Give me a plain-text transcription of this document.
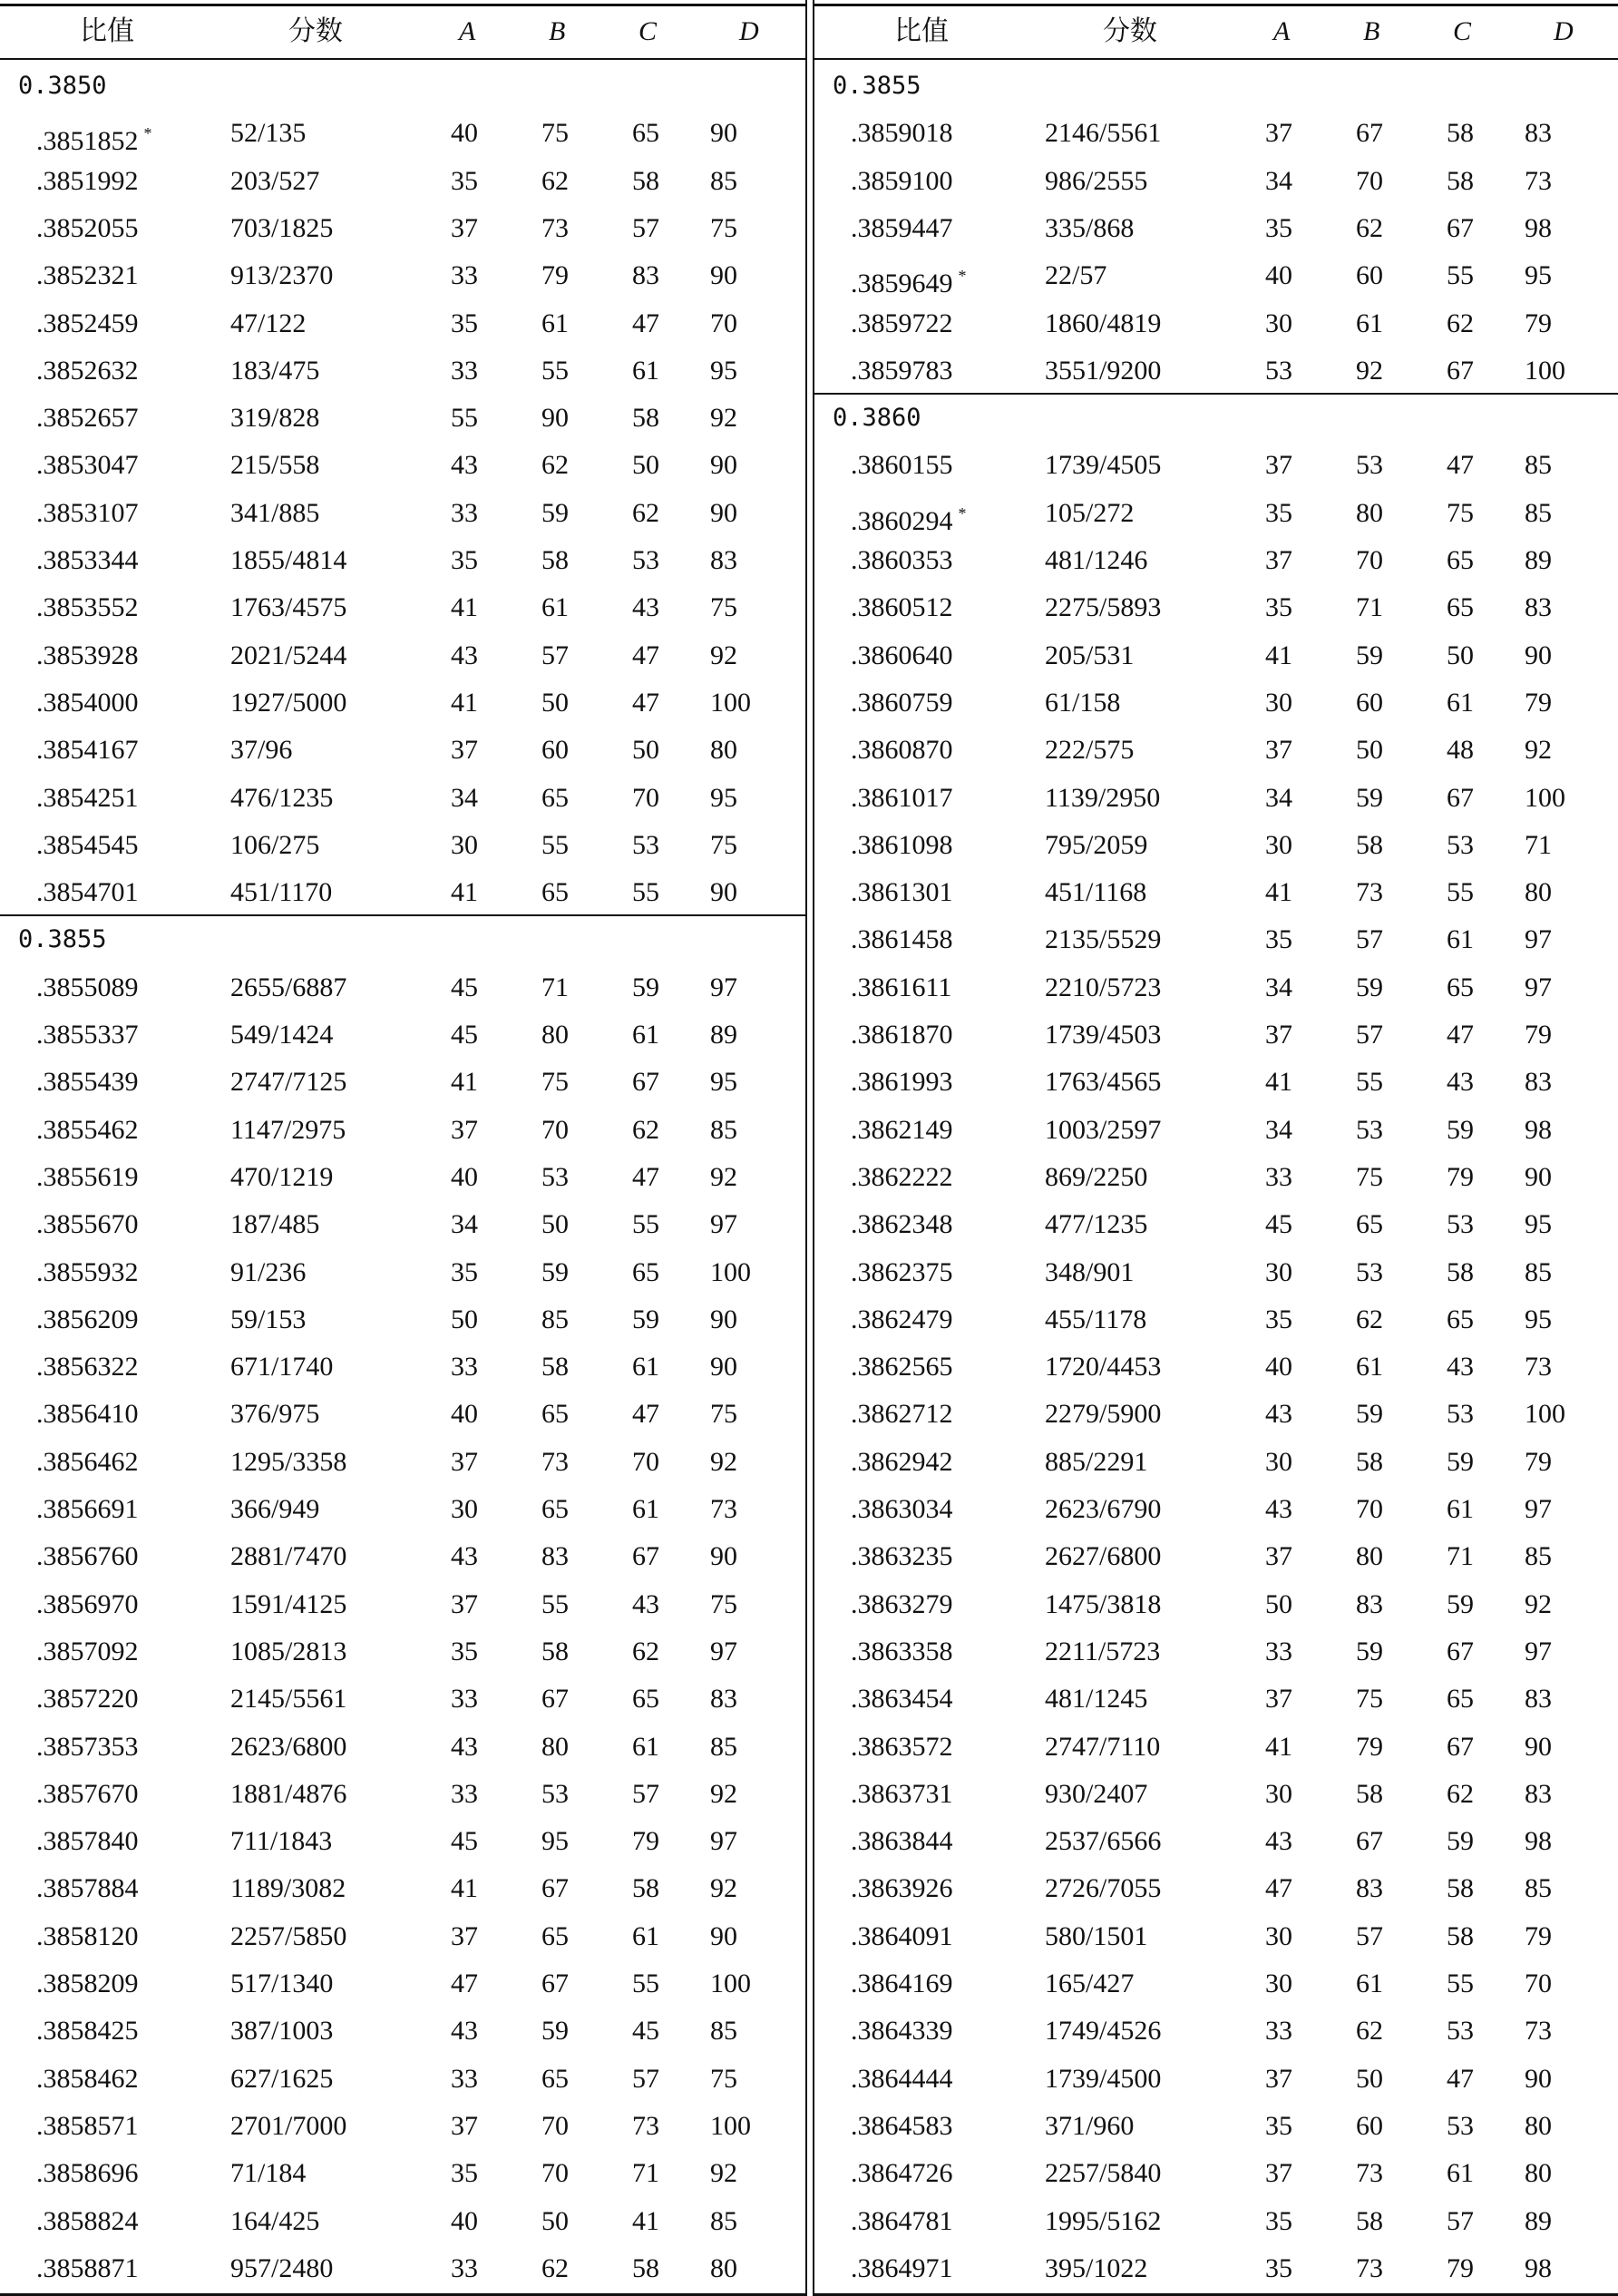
比值	分数	A	B	C	D
0.3850
.3851852 *	52/135	40 75 65 90
.3851992	203/527	35 62 58 85
.3852055	703/1825	37 73 57 75
.3852321	913/2370	33 79 83 90
.3852459	47/122	35 61 47 70
.3852632	183/475	33 55 61 95
.3852657	319/828	55 90 58 92
.3853047	215/558	43 62 50 90
.3853107	341/885	33 59 62 90
.3853344	1855/4814	35 58 53 83
.3853552	1763/4575	41 61 43 75
.3853928	2021/5244	43 57 47 92
.3854000	1927/5000	41 50 47 100
.3854167	37/96	37 60 50 80
.3854251	476/1235	34 65 70 95
.3854545	106/275	30 55 53 75
.3854701	451/1170	41 65 55 90
0.3855
.3855089	2655/6887	45 71 59 97
.3855337	549/1424	45 80 61 89
.3855439	2747/7125	41 75 67 95
.3855462	1147/2975	37 70 62 85
.3855619	470/1219	40 53 47 92
.3855670	187/485	34 50 55 97
.3855932	91/236	35 59 65 100
.3856209	59/153	50 85 59 90
.3856322	671/1740	33 58 61 90
.3856410	376/975	40 65 47 75
.3856462	1295/3358	37 73 70 92
.3856691	366/949	30 65 61 73
.3856760	2881/7470	43 83 67 90
.3856970	1591/4125	37 55 43 75
.3857092	1085/2813	35 58 62 97
.3857220	2145/5561	33 67 65 83
.3857353	2623/6800	43 80 61 85
.3857670	1881/4876	33 53 57 92
.3857840	711/1843	45 95 79 97
.3857884	1189/3082	41 67 58 92
.3858120	2257/5850	37 65 61 90
.3858209	517/1340	47 67 55 100
.3858425	387/1003	43 59 45 85
.3858462	627/1625	33 65 57 75
.3858571	2701/7000	37 70 73 100
.3858696	71/184	35 70 71 92
.3858824	164/425	40 50 41 85
.3858871	957/2480	33 62 58 80
比值	分数	A	B	C	D
0.3855
.3859018	2146/5561	37 67 58 83
.3859100	986/2555	34 70 58 73
.3859447	335/868	35 62 67 98
.3859649 *	22/57	40 60 55 95
.3859722	1860/4819	30 61 62 79
.3859783	3551/9200	53 92 67 100
0.3860
.3860155	1739/4505	37 53 47 85
.3860294 *	105/272	35 80 75 85
.3860353	481/1246	37 70 65 89
.3860512	2275/5893	35 71 65 83
.3860640	205/531	41 59 50 90
.3860759	61/158	30 60 61 79
.3860870	222/575	37 50 48 92
.3861017	1139/2950	34 59 67 100
.3861098	795/2059	30 58 53 71
.3861301	451/1168	41 73 55 80
.3861458	2135/5529	35 57 61 97
.3861611	2210/5723	34 59 65 97
.3861870	1739/4503	37 57 47 79
.3861993	1763/4565	41 55 43 83
.3862149	1003/2597	34 53 59 98
.3862222	869/2250	33 75 79 90
.3862348	477/1235	45 65 53 95
.3862375	348/901	30 53 58 85
.3862479	455/1178	35 62 65 95
.3862565	1720/4453	40 61 43 73
.3862712	2279/5900	43 59 53 100
.3862942	885/2291	30 58 59 79
.3863034	2623/6790	43 70 61 97
.3863235	2627/6800	37 80 71 85
.3863279	1475/3818	50 83 59 92
.3863358	2211/5723	33 59 67 97
.3863454	481/1245	37 75 65 83
.3863572	2747/7110	41 79 67 90
.3863731	930/2407	30 58 62 83
.3863844	2537/6566	43 67 59 98
.3863926	2726/7055	47 83 58 85
.3864091	580/1501	30 57 58 79
.3864169	165/427	30 61 55 70
.3864339	1749/4526	33 62 53 73
.3864444	1739/4500	37 50 47 90
.3864583	371/960	35 60 53 80
.3864726	2257/5840	37 73 61 80
.3864781	1995/5162	35 58 57 89
.3864971	395/1022	35 73 79 98
